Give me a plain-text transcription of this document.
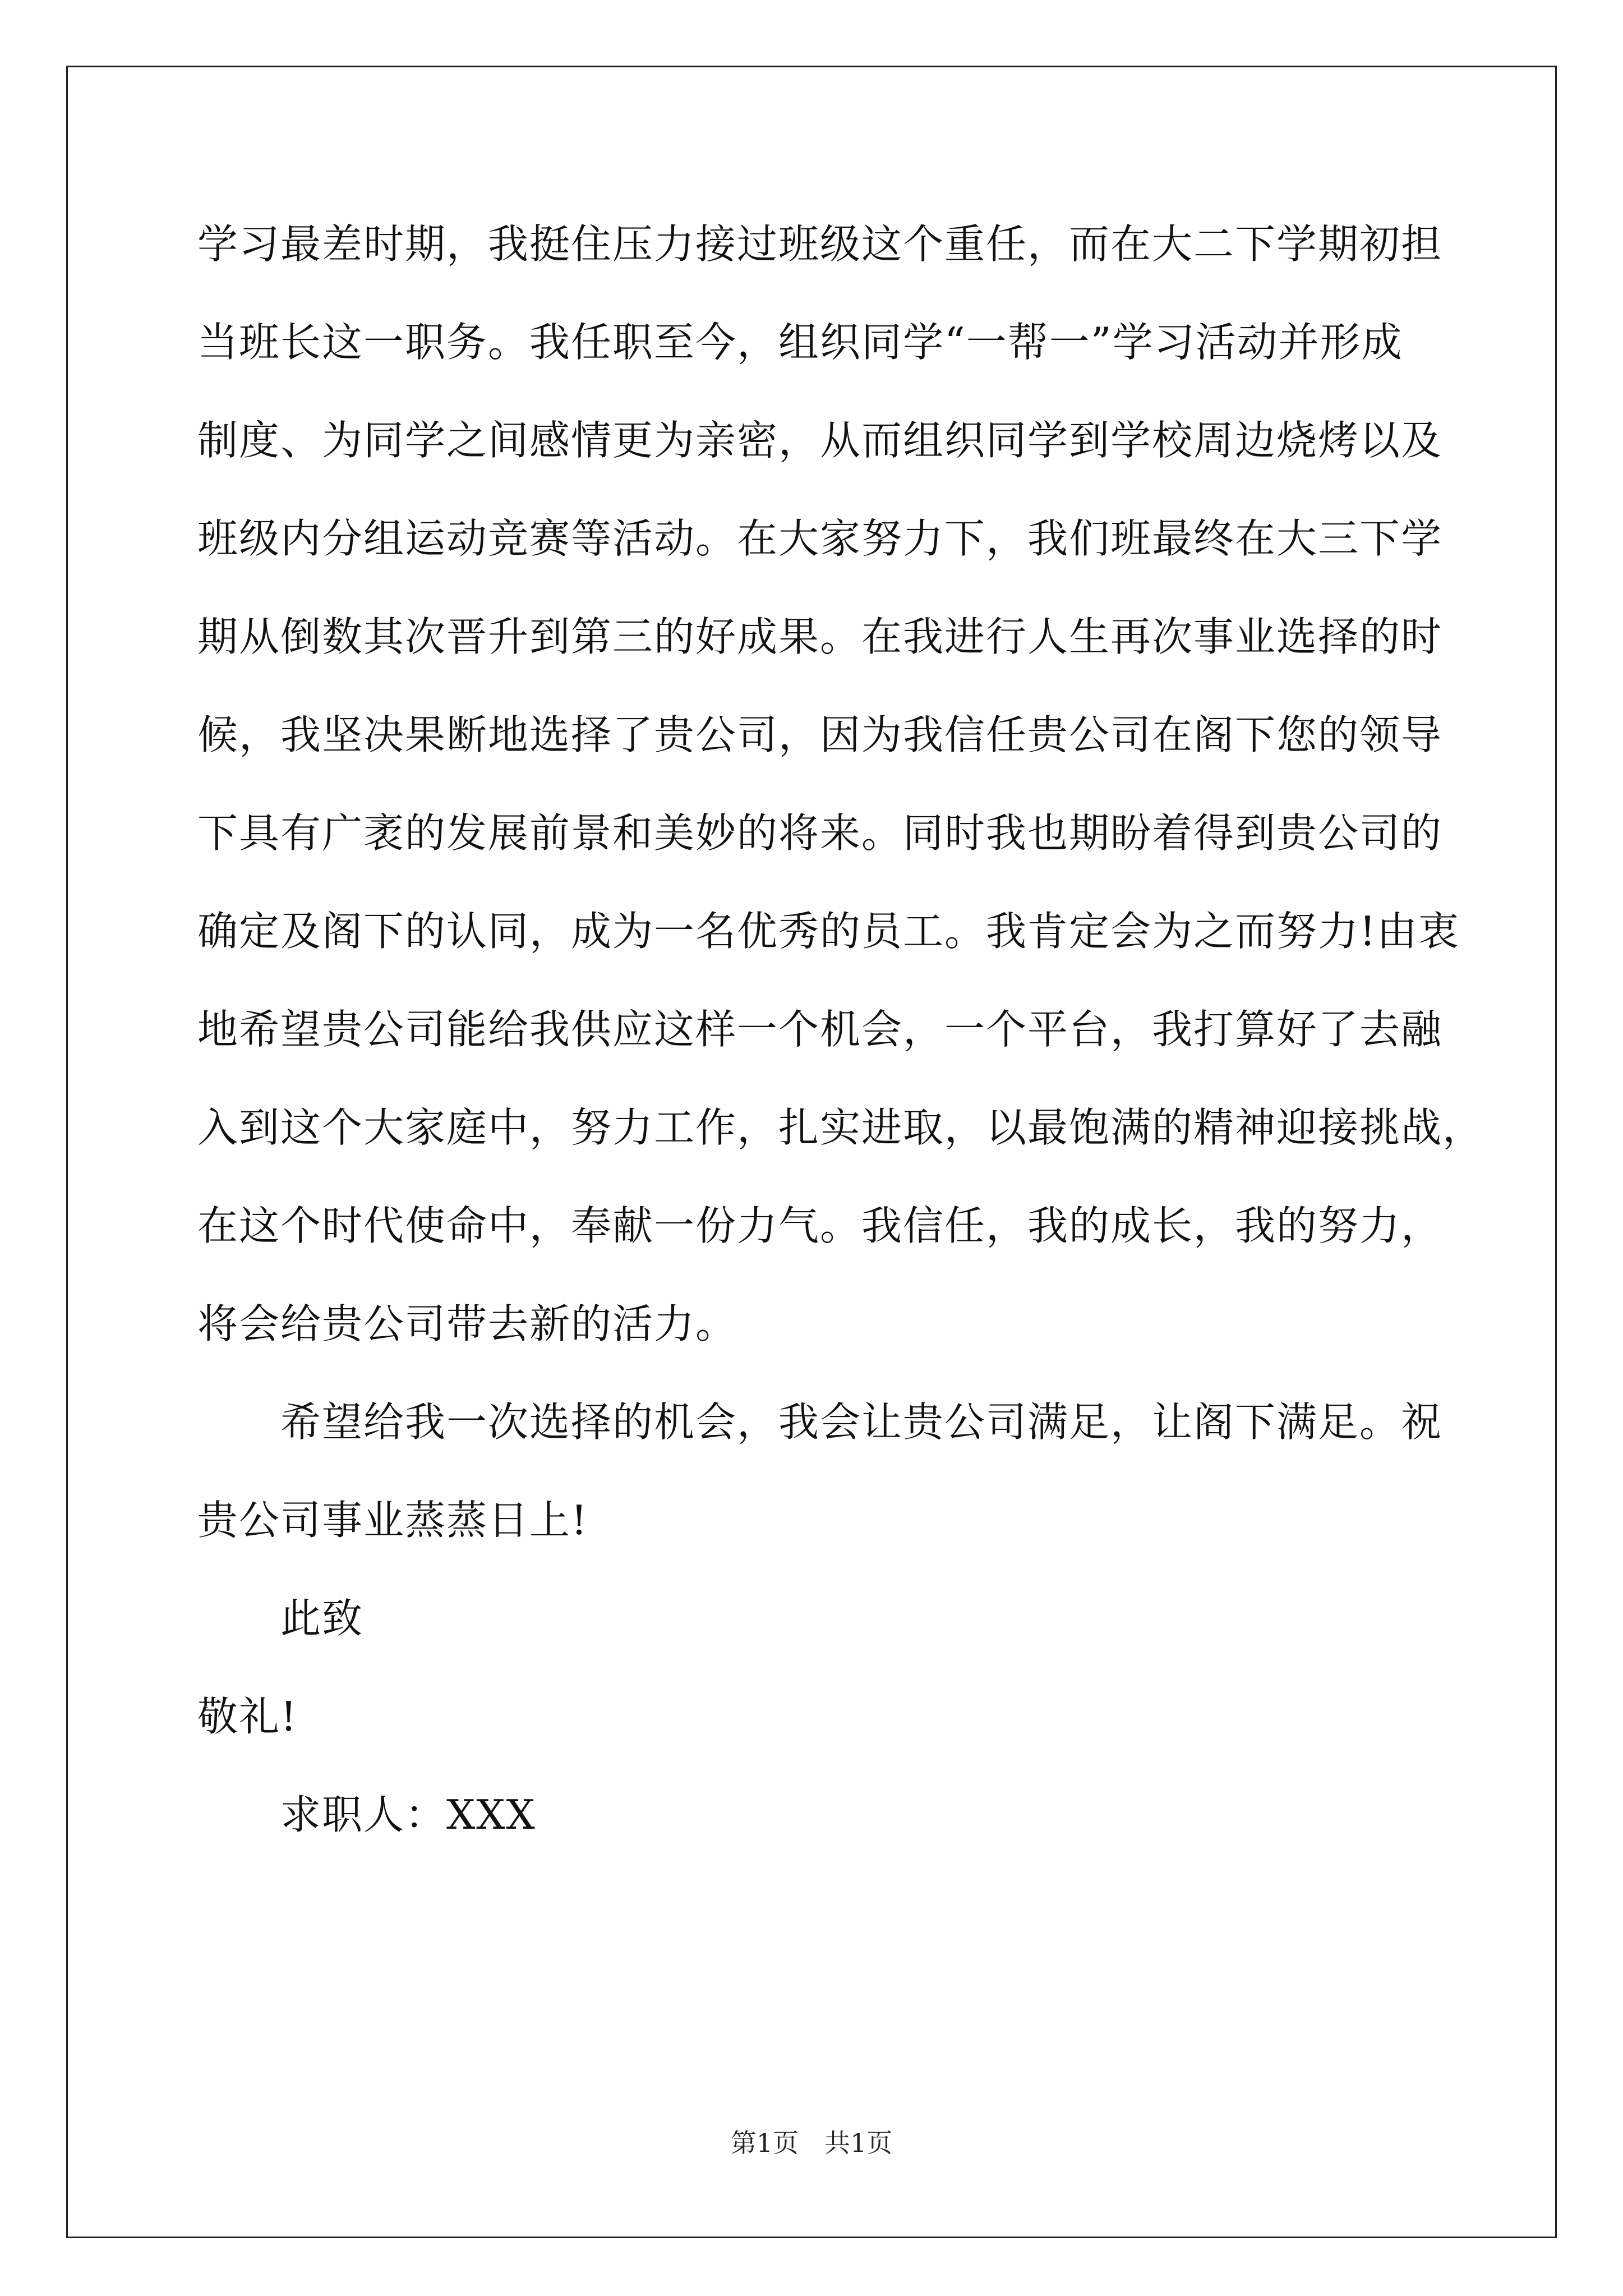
学习最差时期，我挺住压力接过班级这个重任，而在大二下学期初担
当班长这一职务。我任职至今，组织同学“一帮一”学习活动并形成
制度、为同学之间感情更为亲密，从而组织同学到学校周边烧烤以及
班级内分组运动竞赛等活动。在大家努力下，我们班最终在大三下学
期从倒数其次晋升到第三的好成果。在我进行人生再次事业选择的时
候，我坚决果断地选择了贵公司，因为我信任贵公司在阁下您的领导
下具有广袤的发展前景和美妙的将来。同时我也期盼着得到贵公司的
确定及阁下的认同，成为一名优秀的员工。我肯定会为之而努力!由衷
地希望贵公司能给我供应这样一个机会，一个平台，我打算好了去融
入到这个大家庭中，努力工作，扎实进取，以最饱满的精神迎接挑战，
在这个时代使命中，奉献一份力气。我信任，我的成长，我的努力，
将会给贵公司带去新的活力。
希望给我一次选择的机会，我会让贵公司满足，让阁下满足。祝
贵公司事业蒸蒸日上!
此致
敬礼!
求职人：XXX
第1页 共1页
